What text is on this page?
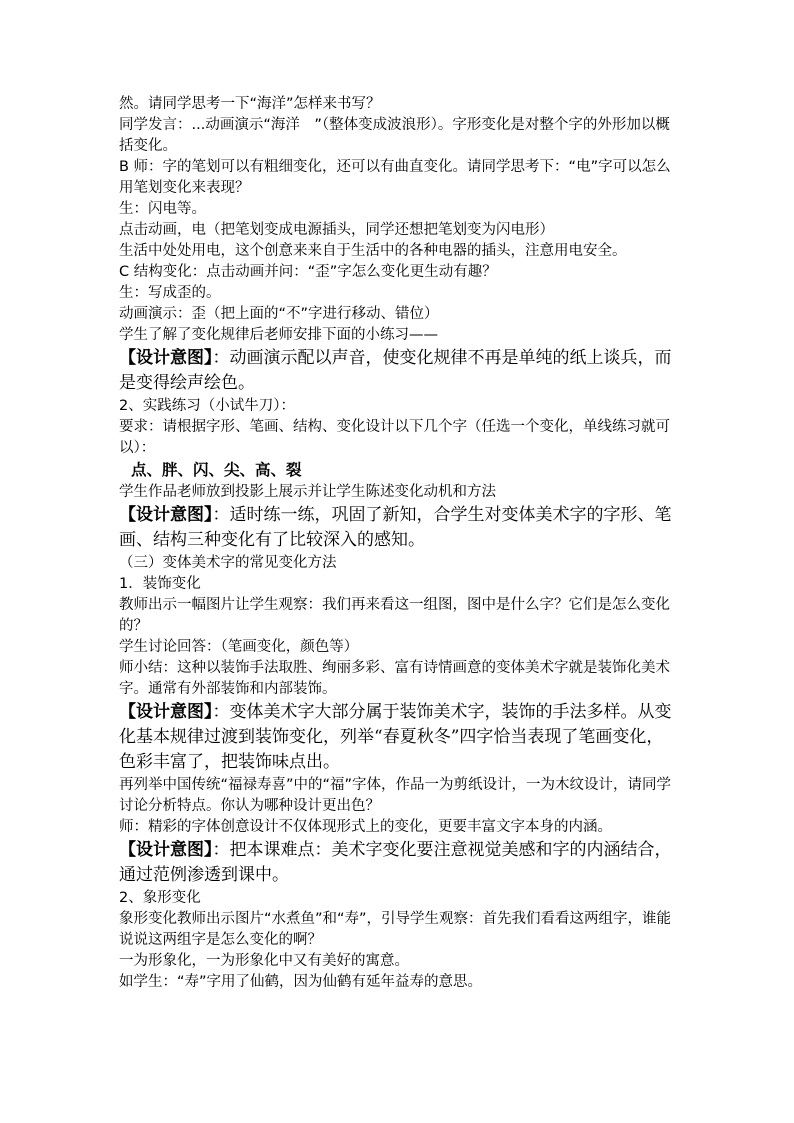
然。请同学思考一下“海洋”怎样来书写？

同学发言：...动画演示“海洋　”（整体变成波浪形）。字形变化是对整个字的外形加以概括变化。

B 师：字的笔划可以有粗细变化，还可以有曲直变化。请同学思考下：“电”字可以怎么用笔划变化来表现？

生：闪电等。

点击动画，电（把笔划变成电源插头，同学还想把笔划变为闪电形）

生活中处处用电，这个创意来来自于生活中的各种电器的插头，注意用电安全。

C 结构变化：点击动画并问：“歪”字怎么变化更生动有趣？

生：写成歪的。

动画演示：歪（把上面的“不”字进行移动、错位）

学生了解了变化规律后老师安排下面的小练习——

【设计意图】：动画演示配以声音，使变化规律不再是单纯的纸上谈兵，而是变得绘声绘色。

2、实践练习（小试牛刀）：

要求：请根据字形、笔画、结构、变化设计以下几个字（任选一个变化，单线练习就可以）：

点、胖、闪、尖、高、裂

学生作品老师放到投影上展示并让学生陈述变化动机和方法

【设计意图】：适时练一练，巩固了新知，合学生对变体美术字的字形、笔画、结构三种变化有了比较深入的感知。

（三）变体美术字的常见变化方法

1．装饰变化

教师出示一幅图片让学生观察：我们再来看这一组图，图中是什么字？它们是怎么变化的？

学生讨论回答：（笔画变化，颜色等）

师小结：这种以装饰手法取胜、绚丽多彩、富有诗情画意的变体美术字就是装饰化美术字。通常有外部装饰和内部装饰。

【设计意图】：变体美术字大部分属于装饰美术字，装饰的手法多样。从变化基本规律过渡到装饰变化，列举“春夏秋冬”四字恰当表现了笔画变化，色彩丰富了，把装饰味点出。

再列举中国传统“福禄寿喜”中的“福”字体，作品一为剪纸设计，一为木纹设计，请同学讨论分析特点。你认为哪种设计更出色？

师：精彩的字体创意设计不仅体现形式上的变化，更要丰富文字本身的内涵。

【设计意图】：把本课难点：美术字变化要注意视觉美感和字的内涵结合，通过范例渗透到课中。

2、象形变化

象形变化教师出示图片“水煮鱼”和“寿”，引导学生观察：首先我们看看这两组字，谁能说说这两组字是怎么变化的啊？

一为形象化，一为形象化中又有美好的寓意。

如学生：“寿”字用了仙鹤，因为仙鹤有延年益寿的意思。
